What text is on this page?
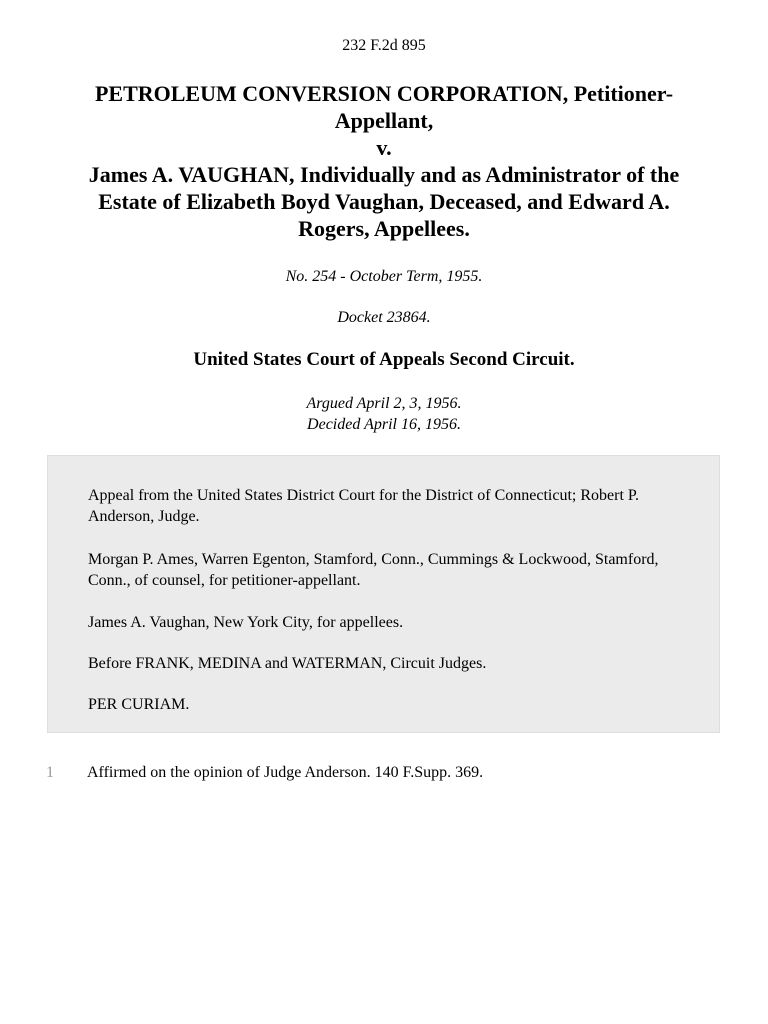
232 F.2d 895
PETROLEUM CONVERSION CORPORATION, Petitioner-
Appellant,
v.
James A. VAUGHAN, Individually and as Administrator of the
Estate of Elizabeth Boyd Vaughan, Deceased, and Edward A.
Rogers, Appellees.
No. 254 - October Term, 1955.
Docket 23864.
United States Court of Appeals Second Circuit.
Argued April 2, 3, 1956.
Decided April 16, 1956.

Appeal from the United States District Court for the District of Connecticut; Robert P. Anderson, Judge.

Morgan P. Ames, Warren Egenton, Stamford, Conn., Cummings & Lockwood, Stamford, Conn., of counsel, for petitioner-appellant.

James A. Vaughan, New York City, for appellees.

Before FRANK, MEDINA and WATERMAN, Circuit Judges.

PER CURIAM.

1 Affirmed on the opinion of Judge Anderson. 140 F.Supp. 369.
